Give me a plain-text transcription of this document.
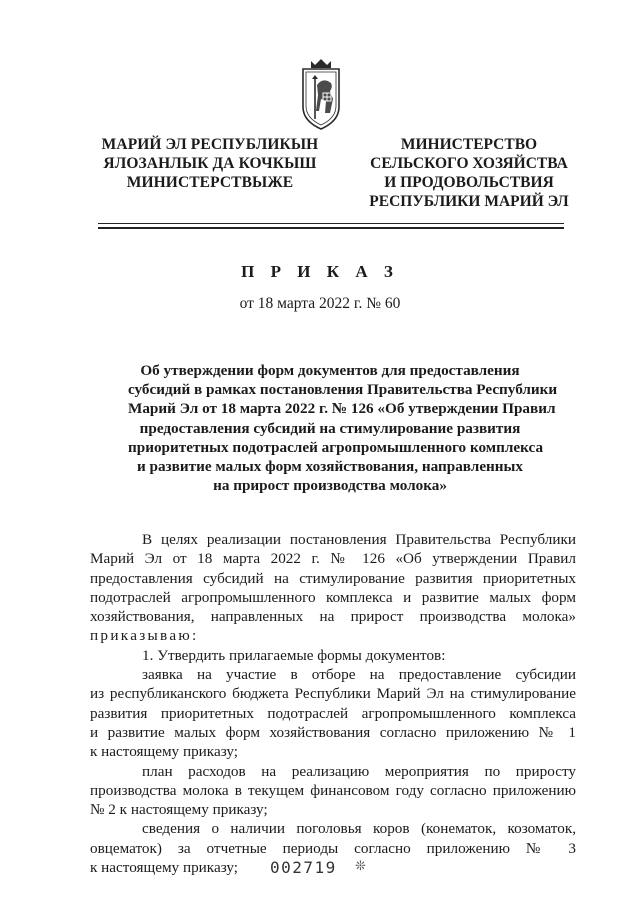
МАРИЙ ЭЛ РЕСПУБЛИКЫН
ЯЛОЗАНЛЫК ДА КОЧКЫШ
МИНИСТЕРСТВЫЖЕ
МИНИСТЕРСТВО
СЕЛЬСКОГО ХОЗЯЙСТВА
И ПРОДОВОЛЬСТВИЯ
РЕСПУБЛИКИ МАРИЙ ЭЛ
П Р И К А З
от 18 марта 2022 г. № 60
Об утверждении форм документов для предоставления
субсидий в рамках постановления Правительства Республики
Марий Эл от 18 марта 2022 г. № 126 «Об утверждении Правил
предоставления субсидий на стимулирование развития
приоритетных подотраслей агропромышленного комплекса
и развитие малых форм хозяйствования, направленных
на прирост производства молока»
В целях реализации постановления Правительства Республики
Марий Эл от 18 марта 2022 г. № 126 «Об утверждении Правил
предоставления субсидий на стимулирование развития приоритетных
подотраслей агропромышленного комплекса и развитие малых форм
хозяйствования, направленных на прирост производства молока»
приказываю:
1. Утвердить прилагаемые формы документов:
заявка на участие в отборе на предоставление субсидии
из республиканского бюджета Республики Марий Эл на стимулирование
развития приоритетных подотраслей агропромышленного комплекса
и развитие малых форм хозяйствования согласно приложению № 1
к настоящему приказу;
план расходов на реализацию мероприятия по приросту
производства молока в текущем финансовом году согласно приложению
№ 2 к настоящему приказу;
сведения о наличии поголовья коров (конематок, козоматок,
овцематок) за отчетные периоды согласно приложению № 3
к настоящему приказу;	002719 ❊
